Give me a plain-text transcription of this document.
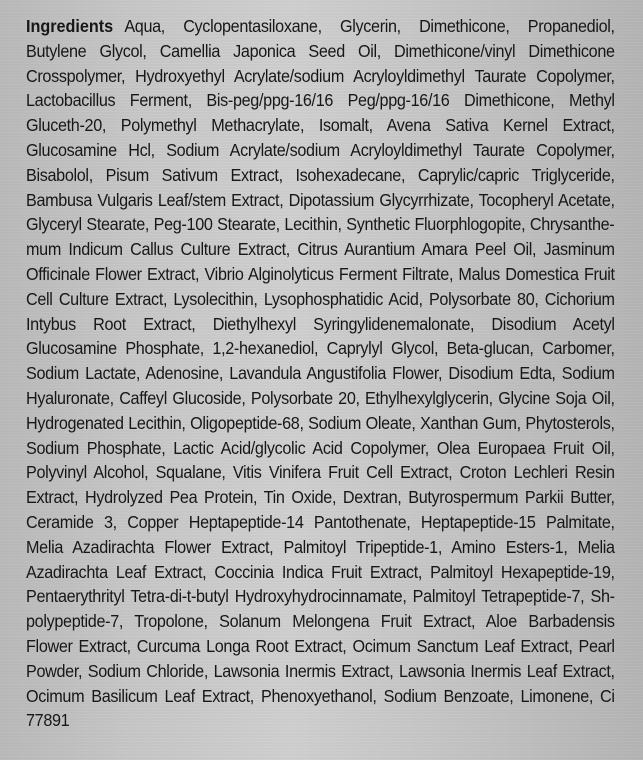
Ingredients Aqua, Cyclopentasiloxane, Glycerin, Dimethicone, Propanediol, Butylene Glycol, Camellia Japonica Seed Oil, Dimethicone/vinyl Dimethicone Crosspolymer, Hydroxyethyl Acrylate/sodium Acryloyldimethyl Taurate Copolymer, Lactobacillus Ferment, Bis-peg/ppg-16/16 Peg/ppg-16/16 Dimethicone, Methyl Gluceth-20, Polymethyl Methacrylate, Isomalt, Avena Sativa Kernel Extract, Glucosamine Hcl, Sodium Acrylate/sodium Acryloyldimethyl Taurate Copolymer, Bisabolol, Pisum Sativum Extract, Isohexadecane, Caprylic/capric Triglyceride, Bambusa Vulgaris Leaf/stem Extract, Dipotassium Glycyrrhizate, Tocopheryl Acetate, Glyceryl Stearate, Peg-100 Stearate, Lecithin, Synthetic Fluorphlogopite, Chrysanthemum Indicum Callus Culture Extract, Citrus Aurantium Amara Peel Oil, Jasminum Officinale Flower Extract, Vibrio Alginolyticus Ferment Filtrate, Malus Domestica Fruit Cell Culture Extract, Lysolecithin, Lysophosphatidic Acid, Polysorbate 80, Cichorium Intybus Root Extract, Diethylhexyl Syringylidenemalonate, Disodium Acetyl Glucosamine Phosphate, 1,2-hexanediol, Caprylyl Glycol, Beta-glucan, Carbomer, Sodium Lactate, Adenosine, Lavandula Angustifolia Flower, Disodium Edta, Sodium Hyaluronate, Caffeyl Glucoside, Polysorbate 20, Ethylhexylglycerin, Glycine Soja Oil, Hydrogenated Lecithin, Oligopeptide-68, Sodium Oleate, Xanthan Gum, Phytosterols, Sodium Phosphate, Lactic Acid/glycolic Acid Copolymer, Olea Europaea Fruit Oil, Polyvinyl Alcohol, Squalane, Vitis Vinifera Fruit Cell Extract, Croton Lechleri Resin Extract, Hydrolyzed Pea Protein, Tin Oxide, Dextran, Butyrospermum Parkii Butter, Ceramide 3, Copper Heptapeptide-14 Pantothenate, Heptapeptide-15 Palmitate, Melia Azadirachta Flower Extract, Palmitoyl Tripeptide-1, Amino Esters-1, Melia Azadirachta Leaf Extract, Coccinia Indica Fruit Extract, Palmitoyl Hexapeptide-19, Pentaerythrityl Tetra-di-t-butyl Hydroxyhydrocinnamate, Palmitoyl Tetrapeptide-7, Sh-polypeptide-7, Tropolone, Solanum Melongena Fruit Extract, Aloe Barbadensis Flower Extract, Curcuma Longa Root Extract, Ocimum Sanctum Leaf Extract, Pearl Powder, Sodium Chloride, Lawsonia Inermis Extract, Lawsonia Inermis Leaf Extract, Ocimum Basilicum Leaf Extract, Phenoxyethanol, Sodium Benzoate, Limonene, Ci 77891
